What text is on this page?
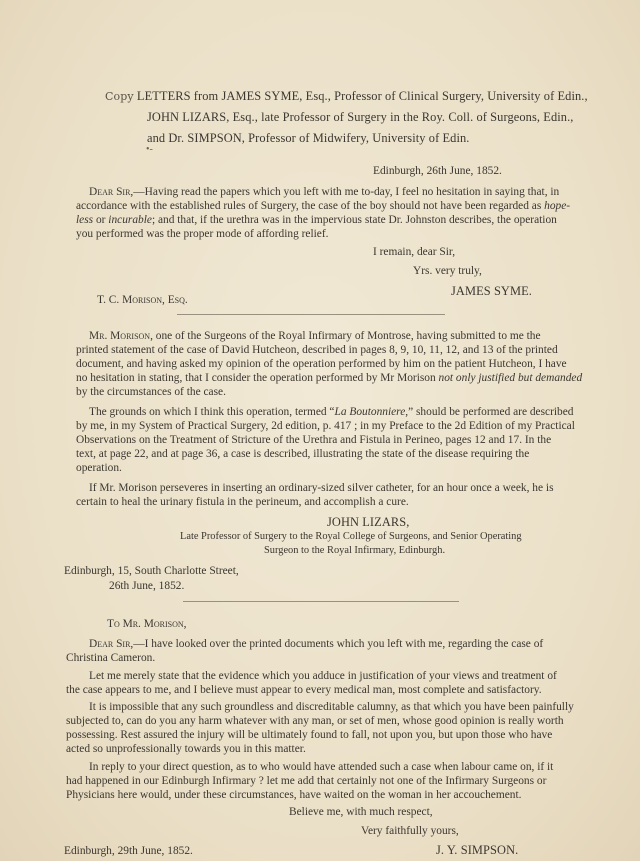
Copy LETTERS from JAMES SYME, Esq., Professor of Clinical Surgery, University of Edin.,
JOHN LIZARS, Esq., late Professor of Surgery in the Roy. Coll. of Surgeons, Edin.,
and Dr. SIMPSON, Professor of Midwifery, University of Edin.
•-
Edinburgh, 26th June, 1852.
Dear Sir,—Having read the papers which you left with me to-day, I feel no hesitation in saying that, in
accordance with the established rules of Surgery, the case of the boy should not have been regarded as hope-
less or incurable; and that, if the urethra was in the impervious state Dr. Johnston describes, the operation
you performed was the proper mode of affording relief.
I remain, dear Sir,
Yrs. very truly,
JAMES SYME.
T. C. Morison, Esq.
Mr. Morison, one of the Surgeons of the Royal Infirmary of Montrose, having submitted to me the
printed statement of the case of David Hutcheon, described in pages 8, 9, 10, 11, 12, and 13 of the printed
document, and having asked my opinion of the operation performed by him on the patient Hutcheon, I have
no hesitation in stating, that I consider the operation performed by Mr Morison not only justified but demanded
by the circumstances of the case.
The grounds on which I think this operation, termed “La Boutonniere,” should be performed are described
by me, in my System of Practical Surgery, 2d edition, p. 417 ; in my Preface to the 2d Edition of my Practical
Observations on the Treatment of Stricture of the Urethra and Fistula in Perineo, pages 12 and 17. In the
text, at page 22, and at page 36, a case is described, illustrating the state of the disease requiring the
operation.
If Mr. Morison perseveres in inserting an ordinary-sized silver catheter, for an hour once a week, he is
certain to heal the urinary fistula in the perineum, and accomplish a cure.
JOHN LIZARS,
Late Professor of Surgery to the Royal College of Surgeons, and Senior Operating
Surgeon to the Royal Infirmary, Edinburgh.
Edinburgh, 15, South Charlotte Street,
26th June, 1852.
To Mr. Morison,
Dear Sir,—I have looked over the printed documents which you left with me, regarding the case of
Christina Cameron.
Let me merely state that the evidence which you adduce in justification of your views and treatment of
the case appears to me, and I believe must appear to every medical man, most complete and satisfactory.
It is impossible that any such groundless and discreditable calumny, as that which you have been painfully
subjected to, can do you any harm whatever with any man, or set of men, whose good opinion is really worth
possessing. Rest assured the injury will be ultimately found to fall, not upon you, but upon those who have
acted so unprofessionally towards you in this matter.
In reply to your direct question, as to who would have attended such a case when labour came on, if it
had happened in our Edinburgh Infirmary ? let me add that certainly not one of the Infirmary Surgeons or
Physicians here would, under these circumstances, have waited on the woman in her accouchement.
Believe me, with much respect,
Very faithfully yours,
J. Y. SIMPSON.
Edinburgh, 29th June, 1852.
